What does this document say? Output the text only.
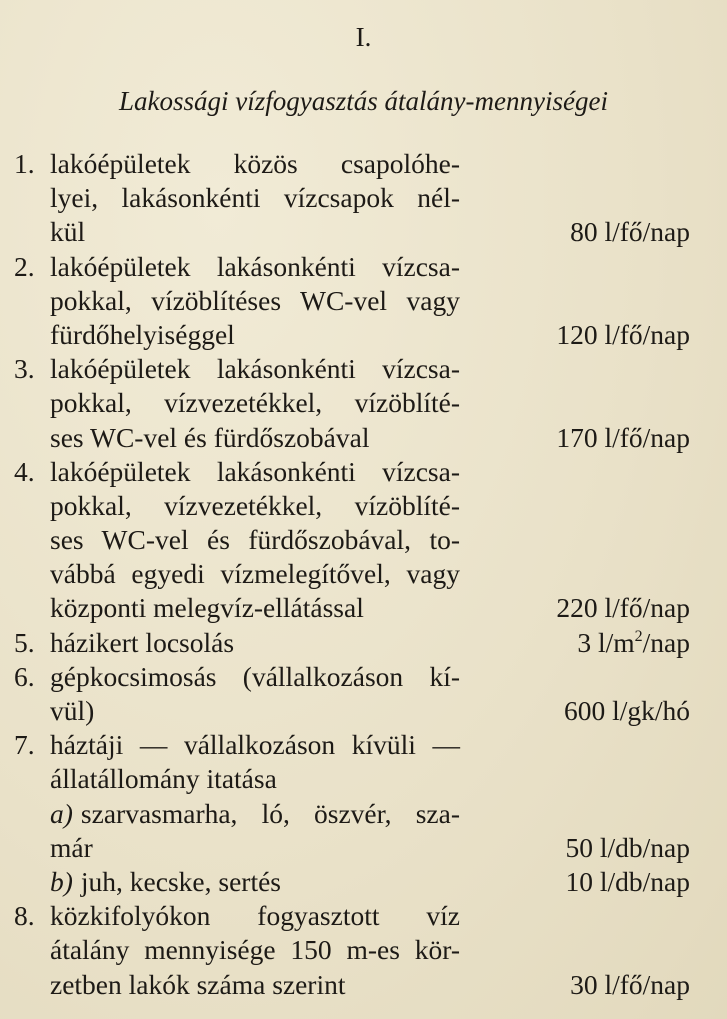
I.
Lakossági vízfogyasztás átalány-mennyiségei
1. lakóépületek közös csapolóhe-
lyei, lakásonkénti vízcsapok nél-
kül	80 l/fő/nap
2. lakóépületek lakásonkénti vízcsa-
pokkal, vízöblítéses WC-vel vagy
fürdőhelyiséggel	120 l/fő/nap
3. lakóépületek lakásonkénti vízcsa-
pokkal, vízvezetékkel, vízöblíté-
ses WC-vel és fürdőszobával	170 l/fő/nap
4. lakóépületek lakásonkénti vízcsa-
pokkal, vízvezetékkel, vízöblíté-
ses WC-vel és fürdőszobával, to-
vábbá egyedi vízmelegítővel, vagy
központi melegvíz-ellátással	220 l/fő/nap
5. házikert locsolás	3 $l/m^2$/nap
6. gépkocsimosás (vállalkozáson kí-
vül)	600 l/gk/hó
7. háztáji — vállalkozáson kívüli —
állatállomány itatása
a) szarvasmarha, ló, öszvér, sza-
már	50 l/db/nap
b) juh, kecske, sertés	10 l/db/nap
8. közkifolyókon fogyasztott víz
átalány mennyisége 150 m-es kör-
zetben lakók száma szerint	30 l/fő/nap
